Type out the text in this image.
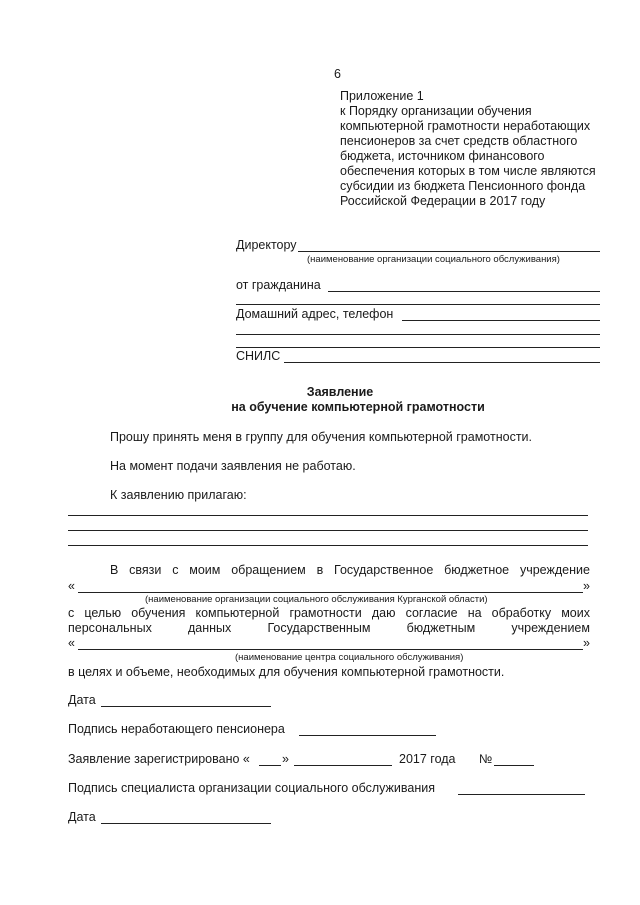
6
Приложение 1
к Порядку организации обучения
компьютерной грамотности неработающих
пенсионеров за счет средств областного
бюджета, источником финансового
обеспечения которых в том числе являются
субсидии из бюджета Пенсионного фонда
Российской Федерации в 2017 году
Директору
(наименование организации социального обслуживания)
от гражданина
Домашний адрес, телефон
СНИЛС
Заявление
на обучение компьютерной грамотности
Прошу принять меня в группу для обучения компьютерной грамотности.
На момент подачи заявления не работаю.
К заявлению прилагаю:
В связи с моим обращением в Государственное бюджетное учреждение
«	»
(наименование организации социального обслуживания Курганской области)
с целью обучения компьютерной грамотности даю согласие на обработку моих
персональных	данных	Государственным	бюджетным	учреждением
«	»
(наименование центра социального обслуживания)
в целях и объеме, необходимых для обучения компьютерной грамотности.
Дата
Подпись неработающего пенсионера
Заявление зарегистрировано «	»	2017 года №
Подпись специалиста организации социального обслуживания
Дата
